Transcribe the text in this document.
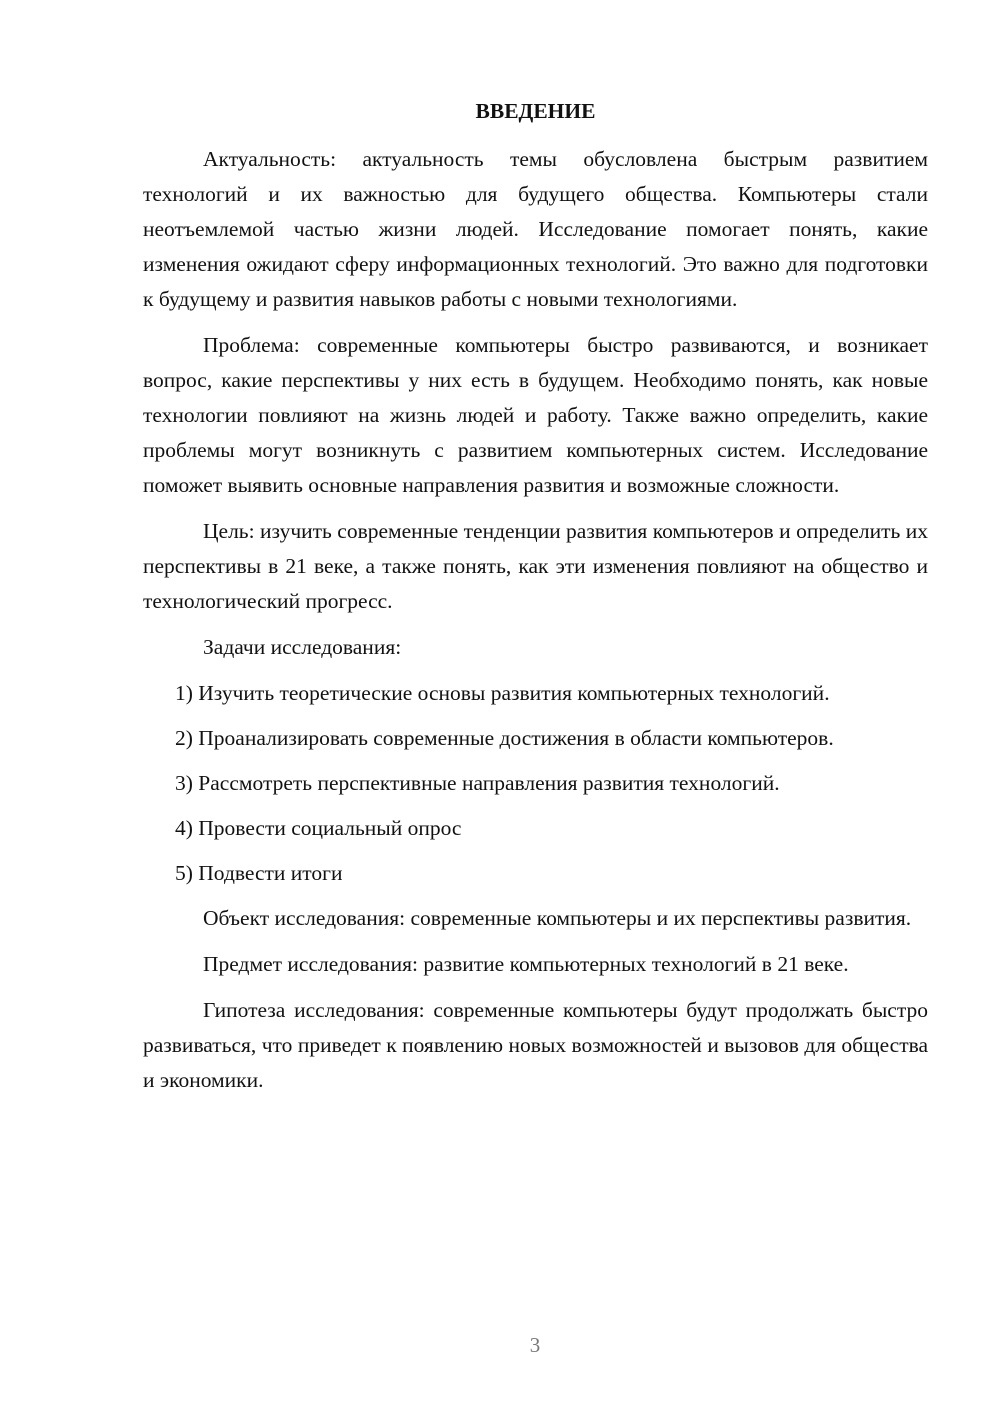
ВВЕДЕНИЕ

Актуальность: актуальность темы обусловлена быстрым развитием технологий и их важностью для будущего общества. Компьютеры стали неотъемлемой частью жизни людей. Исследование помогает понять, какие изменения ожидают сферу информационных технологий. Это важно для подготовки к будущему и развития навыков работы с новыми технологиями.

Проблема: современные компьютеры быстро развиваются, и возникает вопрос, какие перспективы у них есть в будущем. Необходимо понять, как новые технологии повлияют на жизнь людей и работу. Также важно определить, какие проблемы могут возникнуть с развитием компьютерных систем. Исследование поможет выявить основные направления развития и возможные сложности.

Цель: изучить современные тенденции развития компьютеров и определить их перспективы в 21 веке, а также понять, как эти изменения повлияют на общество и технологический прогресс.

Задачи исследования:

1) Изучить теоретические основы развития компьютерных технологий.

2) Проанализировать современные достижения в области компьютеров.

3) Рассмотреть перспективные направления развития технологий.

4) Провести социальный опрос

5) Подвести итоги

Объект исследования: современные компьютеры и их перспективы развития.

Предмет исследования: развитие компьютерных технологий в 21 веке.

Гипотеза исследования: современные компьютеры будут продолжать быстро развиваться, что приведет к появлению новых возможностей и вызовов для общества и экономики.

3
